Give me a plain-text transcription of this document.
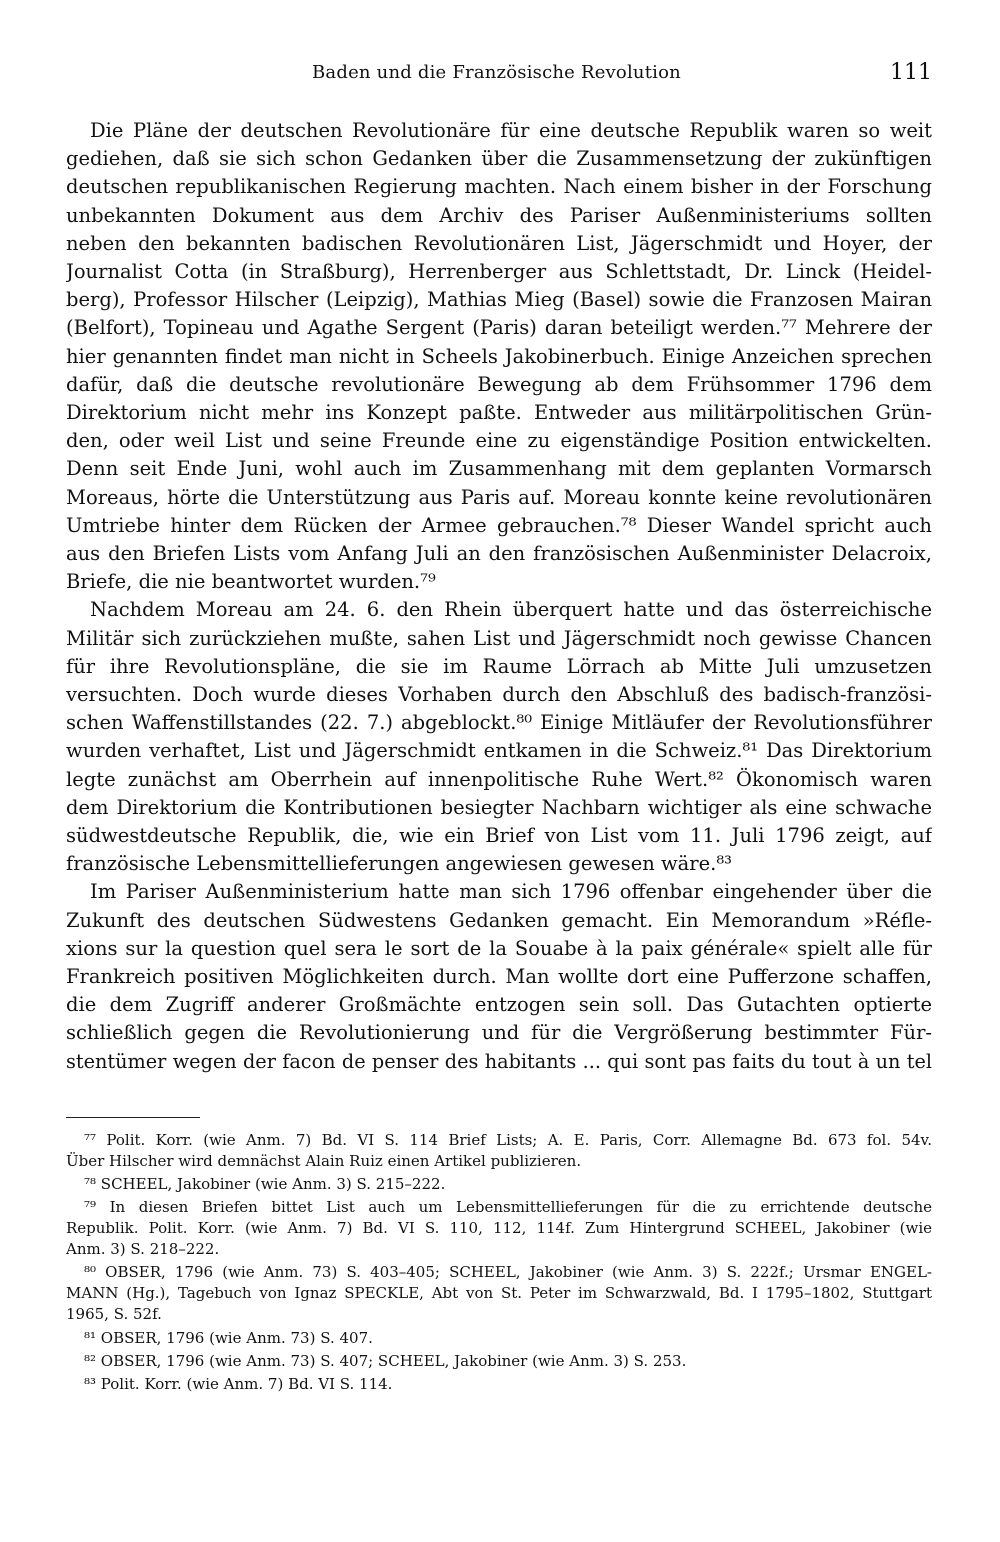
Baden und die Französische Revolution	111
Die Pläne der deutschen Revolutionäre für eine deutsche Republik waren so weit
gediehen, daß sie sich schon Gedanken über die Zusammensetzung der zukünftigen
deutschen republikanischen Regierung machten. Nach einem bisher in der Forschung
unbekannten Dokument aus dem Archiv des Pariser Außenministeriums sollten
neben den bekannten badischen Revolutionären List, Jägerschmidt und Hoyer, der
Journalist Cotta (in Straßburg), Herrenberger aus Schlettstadt, Dr. Linck (Heidel-
berg), Professor Hilscher (Leipzig), Mathias Mieg (Basel) sowie die Franzosen Mairan
(Belfort), Topineau und Agathe Sergent (Paris) daran beteiligt werden.⁷⁷ Mehrere der
hier genannten findet man nicht in Scheels Jakobinerbuch. Einige Anzeichen sprechen
dafür, daß die deutsche revolutionäre Bewegung ab dem Frühsommer 1796 dem
Direktorium nicht mehr ins Konzept paßte. Entweder aus militärpolitischen Grün-
den, oder weil List und seine Freunde eine zu eigenständige Position entwickelten.
Denn seit Ende Juni, wohl auch im Zusammenhang mit dem geplanten Vormarsch
Moreaus, hörte die Unterstützung aus Paris auf. Moreau konnte keine revolutionären
Umtriebe hinter dem Rücken der Armee gebrauchen.⁷⁸ Dieser Wandel spricht auch
aus den Briefen Lists vom Anfang Juli an den französischen Außenminister Delacroix,
Briefe, die nie beantwortet wurden.⁷⁹
Nachdem Moreau am 24. 6. den Rhein überquert hatte und das österreichische
Militär sich zurückziehen mußte, sahen List und Jägerschmidt noch gewisse Chancen
für ihre Revolutionspläne, die sie im Raume Lörrach ab Mitte Juli umzusetzen
versuchten. Doch wurde dieses Vorhaben durch den Abschluß des badisch-französi-
schen Waffenstillstandes (22. 7.) abgeblockt.⁸⁰ Einige Mitläufer der Revolutionsführer
wurden verhaftet, List und Jägerschmidt entkamen in die Schweiz.⁸¹ Das Direktorium
legte zunächst am Oberrhein auf innenpolitische Ruhe Wert.⁸² Ökonomisch waren
dem Direktorium die Kontributionen besiegter Nachbarn wichtiger als eine schwache
südwestdeutsche Republik, die, wie ein Brief von List vom 11. Juli 1796 zeigt, auf
französische Lebensmittellieferungen angewiesen gewesen wäre.⁸³
Im Pariser Außenministerium hatte man sich 1796 offenbar eingehender über die
Zukunft des deutschen Südwestens Gedanken gemacht. Ein Memorandum »Réfle-
xions sur la question quel sera le sort de la Souabe à la paix générale« spielt alle für
Frankreich positiven Möglichkeiten durch. Man wollte dort eine Pufferzone schaffen,
die dem Zugriff anderer Großmächte entzogen sein soll. Das Gutachten optierte
schließlich gegen die Revolutionierung und für die Vergrößerung bestimmter Für-
stentümer wegen der facon de penser des habitants ... qui sont pas faits du tout à un tel
⁷⁷ Polit. Korr. (wie Anm. 7) Bd. VI S. 114 Brief Lists; A. E. Paris, Corr. Allemagne Bd. 673 fol. 54v.
Über Hilscher wird demnächst Alain Ruiz einen Artikel publizieren.
⁷⁸ SCHEEL, Jakobiner (wie Anm. 3) S. 215–222.
⁷⁹ In diesen Briefen bittet List auch um Lebensmittellieferungen für die zu errichtende deutsche
Republik. Polit. Korr. (wie Anm. 7) Bd. VI S. 110, 112, 114f. Zum Hintergrund SCHEEL, Jakobiner (wie
Anm. 3) S. 218–222.
⁸⁰ OBSER, 1796 (wie Anm. 73) S. 403–405; SCHEEL, Jakobiner (wie Anm. 3) S. 222f.; Ursmar ENGEL-
MANN (Hg.), Tagebuch von Ignaz SPECKLE, Abt von St. Peter im Schwarzwald, Bd. I 1795–1802, Stuttgart
1965, S. 52f.
⁸¹ OBSER, 1796 (wie Anm. 73) S. 407.
⁸² OBSER, 1796 (wie Anm. 73) S. 407; SCHEEL, Jakobiner (wie Anm. 3) S. 253.
⁸³ Polit. Korr. (wie Anm. 7) Bd. VI S. 114.
